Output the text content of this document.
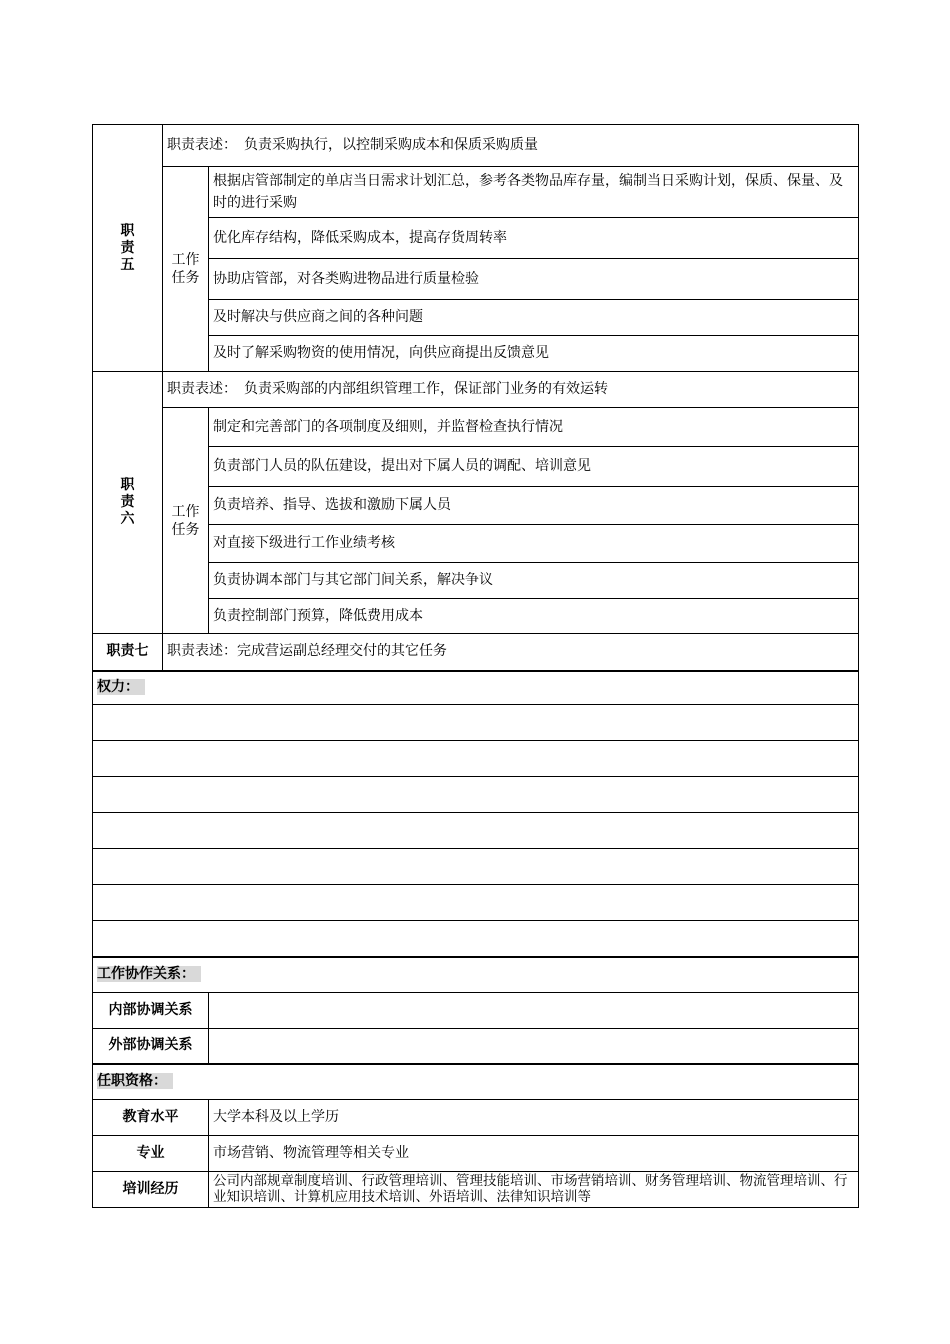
职责五	职责表述：　负责采购执行，以控制采购成本和保质采购质量	
	工作任务	根据店管部制定的单店当日需求计划汇总，参考各类物品库存量，编制当日采购计划，保质、保量、及时的进行采购
		优化库存结构，降低采购成本，提高存货周转率
		协助店管部，对各类购进物品进行质量检验
		及时解决与供应商之间的各种问题
		及时了解采购物资的使用情况，向供应商提出反馈意见
职责六	职责表述：　负责采购部的内部组织管理工作，保证部门业务的有效运转	
	工作任务	制定和完善部门的各项制度及细则，并监督检查执行情况
		负责部门人员的队伍建设，提出对下属人员的调配、培训意见
		负责培养、指导、选拔和激励下属人员
		对直接下级进行工作业绩考核
		负责协调本部门与其它部门间关系，解决争议
		负责控制部门预算，降低费用成本
职责七	职责表述：完成营运副总经理交付的其它任务	
权力：		

工作协作关系：		
内部协调关系		
外部协调关系		
任职资格：		
教育水平		大学本科及以上学历
专业		市场营销、物流管理等相关专业
培训经历		公司内部规章制度培训、行政管理培训、管理技能培训、市场营销培训、财务管理培训、物流管理培训、行业知识培训、计算机应用技术培训、外语培训、法律知识培训等
